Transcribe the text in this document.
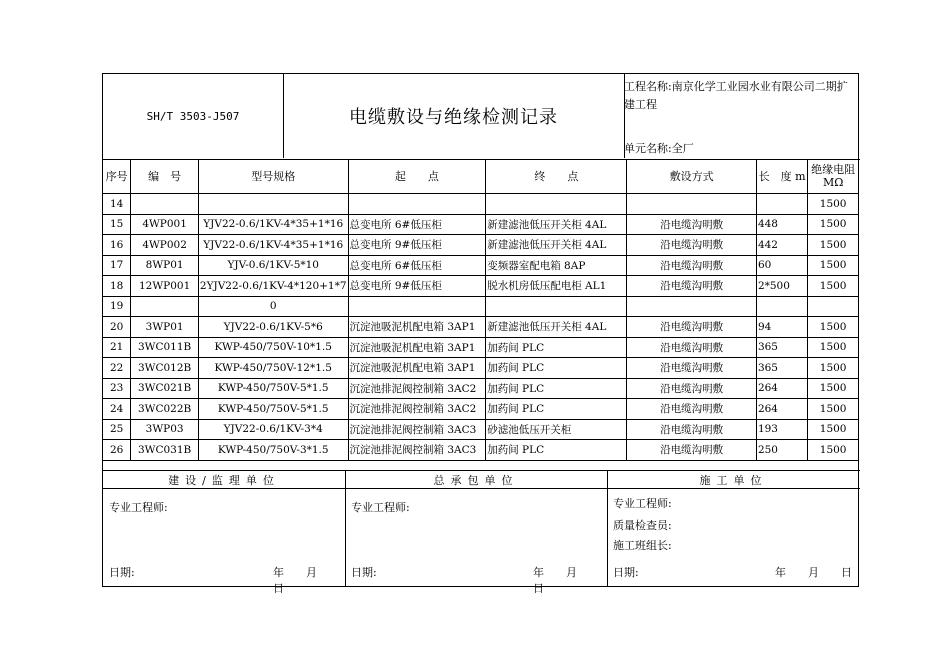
SH/T 3503-J507	电缆敷设与绝缘检测记录
工程名称:南京化学工业园水业有限公司二期扩建工程
单元名称:全厂
序号	编　号	型号规格	起　　点	终　　点	敷设方式	长　度 m	绝缘电阻 MΩ
14							1500
15	4WP001	YJV22-0.6/1KV-4*35+1*16	总变电所 6#低压柜	新建滤池低压开关柜 4AL	沿电缆沟明敷	448	1500
16	4WP002	YJV22-0.6/1KV-4*35+1*16	总变电所 9#低压柜	新建滤池低压开关柜 4AL	沿电缆沟明敷	442	1500
17	8WP01	YJV-0.6/1KV-5*10	总变电所 6#低压柜	变频器室配电箱 8AP	沿电缆沟明敷	60	1500
18	12WP001	2YJV22-0.6/1KV-4*120+1*7	总变电所 9#低压柜	脱水机房低压配电柜 AL1	沿电缆沟明敷	2*500	1500
19		0					
20	3WP01	YJV22-0.6/1KV-5*6	沉淀池吸泥机配电箱 3AP1	新建滤池低压开关柜 4AL	沿电缆沟明敷	94	1500
21	3WC011B	KWP-450/750V-10*1.5	沉淀池吸泥机配电箱 3AP1	加药间 PLC	沿电缆沟明敷	365	1500
22	3WC012B	KWP-450/750V-12*1.5	沉淀池吸泥机配电箱 3AP1	加药间 PLC	沿电缆沟明敷	365	1500
23	3WC021B	KWP-450/750V-5*1.5	沉淀池排泥阀控制箱 3AC2	加药间 PLC	沿电缆沟明敷	264	1500
24	3WC022B	KWP-450/750V-5*1.5	沉淀池排泥阀控制箱 3AC2	加药间 PLC	沿电缆沟明敷	264	1500
25	3WP03	YJV22-0.6/1KV-3*4	沉淀池排泥阀控制箱 3AC3	砂滤池低压开关柜	沿电缆沟明敷	193	1500
26	3WC031B	KWP-450/750V-3*1.5	沉淀池排泥阀控制箱 3AC3	加药间 PLC	沿电缆沟明敷	250	1500
建设/监理单位	总承包单位	施工单位
专业工程师:
日期:	年　　月　　日
专业工程师:
日期:	年　　月　　日
专业工程师:
质量检查员:
施工班组长:
日期:	年　　月　　日
